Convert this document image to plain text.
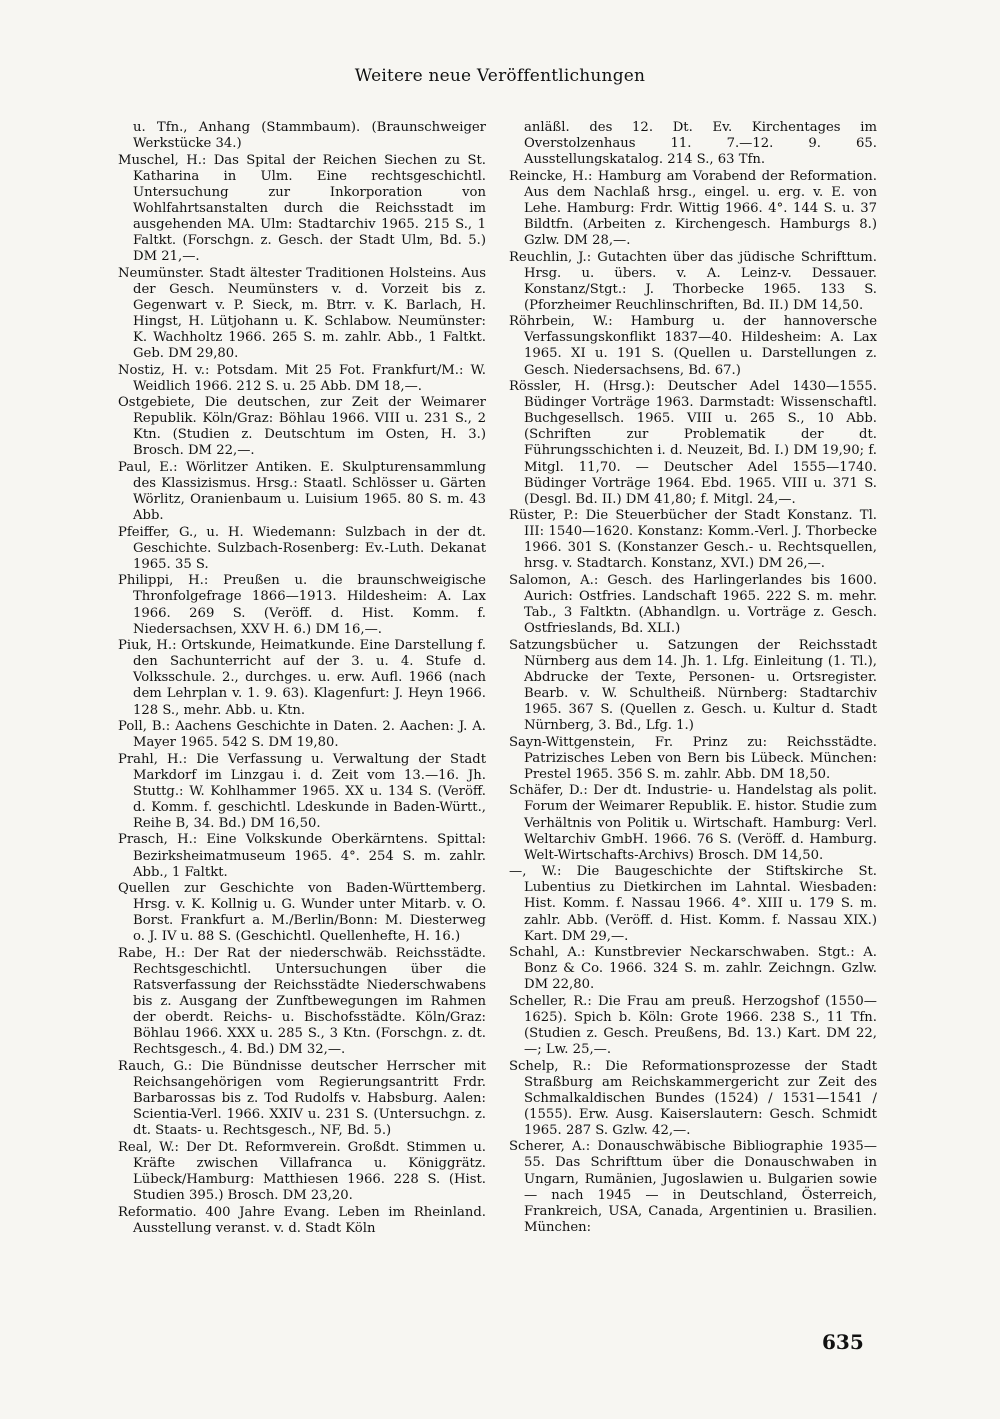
Weitere neue Veröffentlichungen

u. Tfn., Anhang (Stammbaum). (Braunschweiger Werkstücke 34.)

Muschel, H.: Das Spital der Reichen Siechen zu St. Katharina in Ulm. Eine rechtsgeschichtl. Untersuchung zur Inkorporation von Wohlfahrtsanstalten durch die Reichsstadt im ausgehenden MA. Ulm: Stadtarchiv 1965. 215 S., 1 Faltkt. (Forschgn. z. Gesch. der Stadt Ulm, Bd. 5.) DM 21,—.

Neumünster. Stadt ältester Traditionen Holsteins. Aus der Gesch. Neumünsters v. d. Vorzeit bis z. Gegenwart v. P. Sieck, m. Btrr. v. K. Barlach, H. Hingst, H. Lütjohann u. K. Schlabow. Neumünster: K. Wachholtz 1966. 265 S. m. zahlr. Abb., 1 Faltkt. Geb. DM 29,80.

Nostiz, H. v.: Potsdam. Mit 25 Fot. Frankfurt/M.: W. Weidlich 1966. 212 S. u. 25 Abb. DM 18,—.

Ostgebiete, Die deutschen, zur Zeit der Weimarer Republik. Köln/Graz: Böhlau 1966. VIII u. 231 S., 2 Ktn. (Studien z. Deutschtum im Osten, H. 3.) Brosch. DM 22,—.

Paul, E.: Wörlitzer Antiken. E. Skulpturensammlung des Klassizismus. Hrsg.: Staatl. Schlösser u. Gärten Wörlitz, Oranienbaum u. Luisium 1965. 80 S. m. 43 Abb.

Pfeiffer, G., u. H. Wiedemann: Sulzbach in der dt. Geschichte. Sulzbach-Rosenberg: Ev.-Luth. Dekanat 1965. 35 S.

Philippi, H.: Preußen u. die braunschweigische Thronfolgefrage 1866—1913. Hildesheim: A. Lax 1966. 269 S. (Veröff. d. Hist. Komm. f. Niedersachsen, XXV H. 6.) DM 16,—.

Piuk, H.: Ortskunde, Heimatkunde. Eine Darstellung f. den Sachunterricht auf der 3. u. 4. Stufe d. Volksschule. 2., durchges. u. erw. Aufl. 1966 (nach dem Lehrplan v. 1. 9. 63). Klagenfurt: J. Heyn 1966. 128 S., mehr. Abb. u. Ktn.

Poll, B.: Aachens Geschichte in Daten. 2. Aachen: J. A. Mayer 1965. 542 S. DM 19,80.

Prahl, H.: Die Verfassung u. Verwaltung der Stadt Markdorf im Linzgau i. d. Zeit vom 13.—16. Jh. Stuttg.: W. Kohlhammer 1965. XX u. 134 S. (Veröff. d. Komm. f. geschichtl. Ldeskunde in Baden-Württ., Reihe B, 34. Bd.) DM 16,50.

Prasch, H.: Eine Volkskunde Oberkärntens. Spittal: Bezirksheimatmuseum 1965. 4°. 254 S. m. zahlr. Abb., 1 Faltkt.

Quellen zur Geschichte von Baden-Württemberg. Hrsg. v. K. Kollnig u. G. Wunder unter Mitarb. v. O. Borst. Frankfurt a. M./Berlin/Bonn: M. Diesterweg o. J. IV u. 88 S. (Geschichtl. Quellenhefte, H. 16.)

Rabe, H.: Der Rat der niederschwäb. Reichsstädte. Rechtsgeschichtl. Untersuchungen über die Ratsverfassung der Reichsstädte Niederschwabens bis z. Ausgang der Zunftbewegungen im Rahmen der oberdt. Reichs- u. Bischofsstädte. Köln/Graz: Böhlau 1966. XXX u. 285 S., 3 Ktn. (Forschgn. z. dt. Rechtsgesch., 4. Bd.) DM 32,—.

Rauch, G.: Die Bündnisse deutscher Herrscher mit Reichsangehörigen vom Regierungsantritt Frdr. Barbarossas bis z. Tod Rudolfs v. Habsburg. Aalen: Scientia-Verl. 1966. XXIV u. 231 S. (Untersuchgn. z. dt. Staats- u. Rechtsgesch., NF, Bd. 5.)

Real, W.: Der Dt. Reformverein. Großdt. Stimmen u. Kräfte zwischen Villafranca u. Königgrätz. Lübeck/Hamburg: Matthiesen 1966. 228 S. (Hist. Studien 395.) Brosch. DM 23,20.

Reformatio. 400 Jahre Evang. Leben im Rheinland. Ausstellung veranst. v. d. Stadt Köln

anläßl. des 12. Dt. Ev. Kirchentages im Overstolzenhaus 11. 7.—12. 9. 65. Ausstellungskatalog. 214 S., 63 Tfn.

Reincke, H.: Hamburg am Vorabend der Reformation. Aus dem Nachlaß hrsg., eingel. u. erg. v. E. von Lehe. Hamburg: Frdr. Wittig 1966. 4°. 144 S. u. 37 Bildtfn. (Arbeiten z. Kirchengesch. Hamburgs 8.) Gzlw. DM 28,—.

Reuchlin, J.: Gutachten über das jüdische Schrifttum. Hrsg. u. übers. v. A. Leinz-v. Dessauer. Konstanz/Stgt.: J. Thorbecke 1965. 133 S. (Pforzheimer Reuchlinschriften, Bd. II.) DM 14,50.

Röhrbein, W.: Hamburg u. der hannoversche Verfassungskonflikt 1837—40. Hildesheim: A. Lax 1965. XI u. 191 S. (Quellen u. Darstellungen z. Gesch. Niedersachsens, Bd. 67.)

Rössler, H. (Hrsg.): Deutscher Adel 1430—1555. Büdinger Vorträge 1963. Darmstadt: Wissenschaftl. Buchgesellsch. 1965. VIII u. 265 S., 10 Abb. (Schriften zur Problematik der dt. Führungsschichten i. d. Neuzeit, Bd. I.) DM 19,90; f. Mitgl. 11,70. — Deutscher Adel 1555—1740. Büdinger Vorträge 1964. Ebd. 1965. VIII u. 371 S. (Desgl. Bd. II.) DM 41,80; f. Mitgl. 24,—.

Rüster, P.: Die Steuerbücher der Stadt Konstanz. Tl. III: 1540—1620. Konstanz: Komm.-Verl. J. Thorbecke 1966. 301 S. (Konstanzer Gesch.- u. Rechtsquellen, hrsg. v. Stadtarch. Konstanz, XVI.) DM 26,—.

Salomon, A.: Gesch. des Harlingerlandes bis 1600. Aurich: Ostfries. Landschaft 1965. 222 S. m. mehr. Tab., 3 Faltktn. (Abhandlgn. u. Vorträge z. Gesch. Ostfrieslands, Bd. XLI.)

Satzungsbücher u. Satzungen der Reichsstadt Nürnberg aus dem 14. Jh. 1. Lfg. Einleitung (1. Tl.), Abdrucke der Texte, Personen- u. Ortsregister. Bearb. v. W. Schultheiß. Nürnberg: Stadtarchiv 1965. 367 S. (Quellen z. Gesch. u. Kultur d. Stadt Nürnberg, 3. Bd., Lfg. 1.)

Sayn-Wittgenstein, Fr. Prinz zu: Reichsstädte. Patrizisches Leben von Bern bis Lübeck. München: Prestel 1965. 356 S. m. zahlr. Abb. DM 18,50.

Schäfer, D.: Der dt. Industrie- u. Handelstag als polit. Forum der Weimarer Republik. E. histor. Studie zum Verhältnis von Politik u. Wirtschaft. Hamburg: Verl. Weltarchiv GmbH. 1966. 76 S. (Veröff. d. Hamburg. Welt-Wirtschafts-Archivs) Brosch. DM 14,50.

—, W.: Die Baugeschichte der Stiftskirche St. Lubentius zu Dietkirchen im Lahntal. Wiesbaden: Hist. Komm. f. Nassau 1966. 4°. XIII u. 179 S. m. zahlr. Abb. (Veröff. d. Hist. Komm. f. Nassau XIX.) Kart. DM 29,—.

Schahl, A.: Kunstbrevier Neckarschwaben. Stgt.: A. Bonz & Co. 1966. 324 S. m. zahlr. Zeichngn. Gzlw. DM 22,80.

Scheller, R.: Die Frau am preuß. Herzogshof (1550—1625). Spich b. Köln: Grote 1966. 238 S., 11 Tfn. (Studien z. Gesch. Preußens, Bd. 13.) Kart. DM 22,—; Lw. 25,—.

Schelp, R.: Die Reformationsprozesse der Stadt Straßburg am Reichskammergericht zur Zeit des Schmalkaldischen Bundes (1524) / 1531—1541 / (1555). Erw. Ausg. Kaiserslautern: Gesch. Schmidt 1965. 287 S. Gzlw. 42,—.

Scherer, A.: Donauschwäbische Bibliographie 1935—55. Das Schrifttum über die Donauschwaben in Ungarn, Rumänien, Jugoslawien u. Bulgarien sowie — nach 1945 — in Deutschland, Österreich, Frankreich, USA, Canada, Argentinien u. Brasilien. München:

635
